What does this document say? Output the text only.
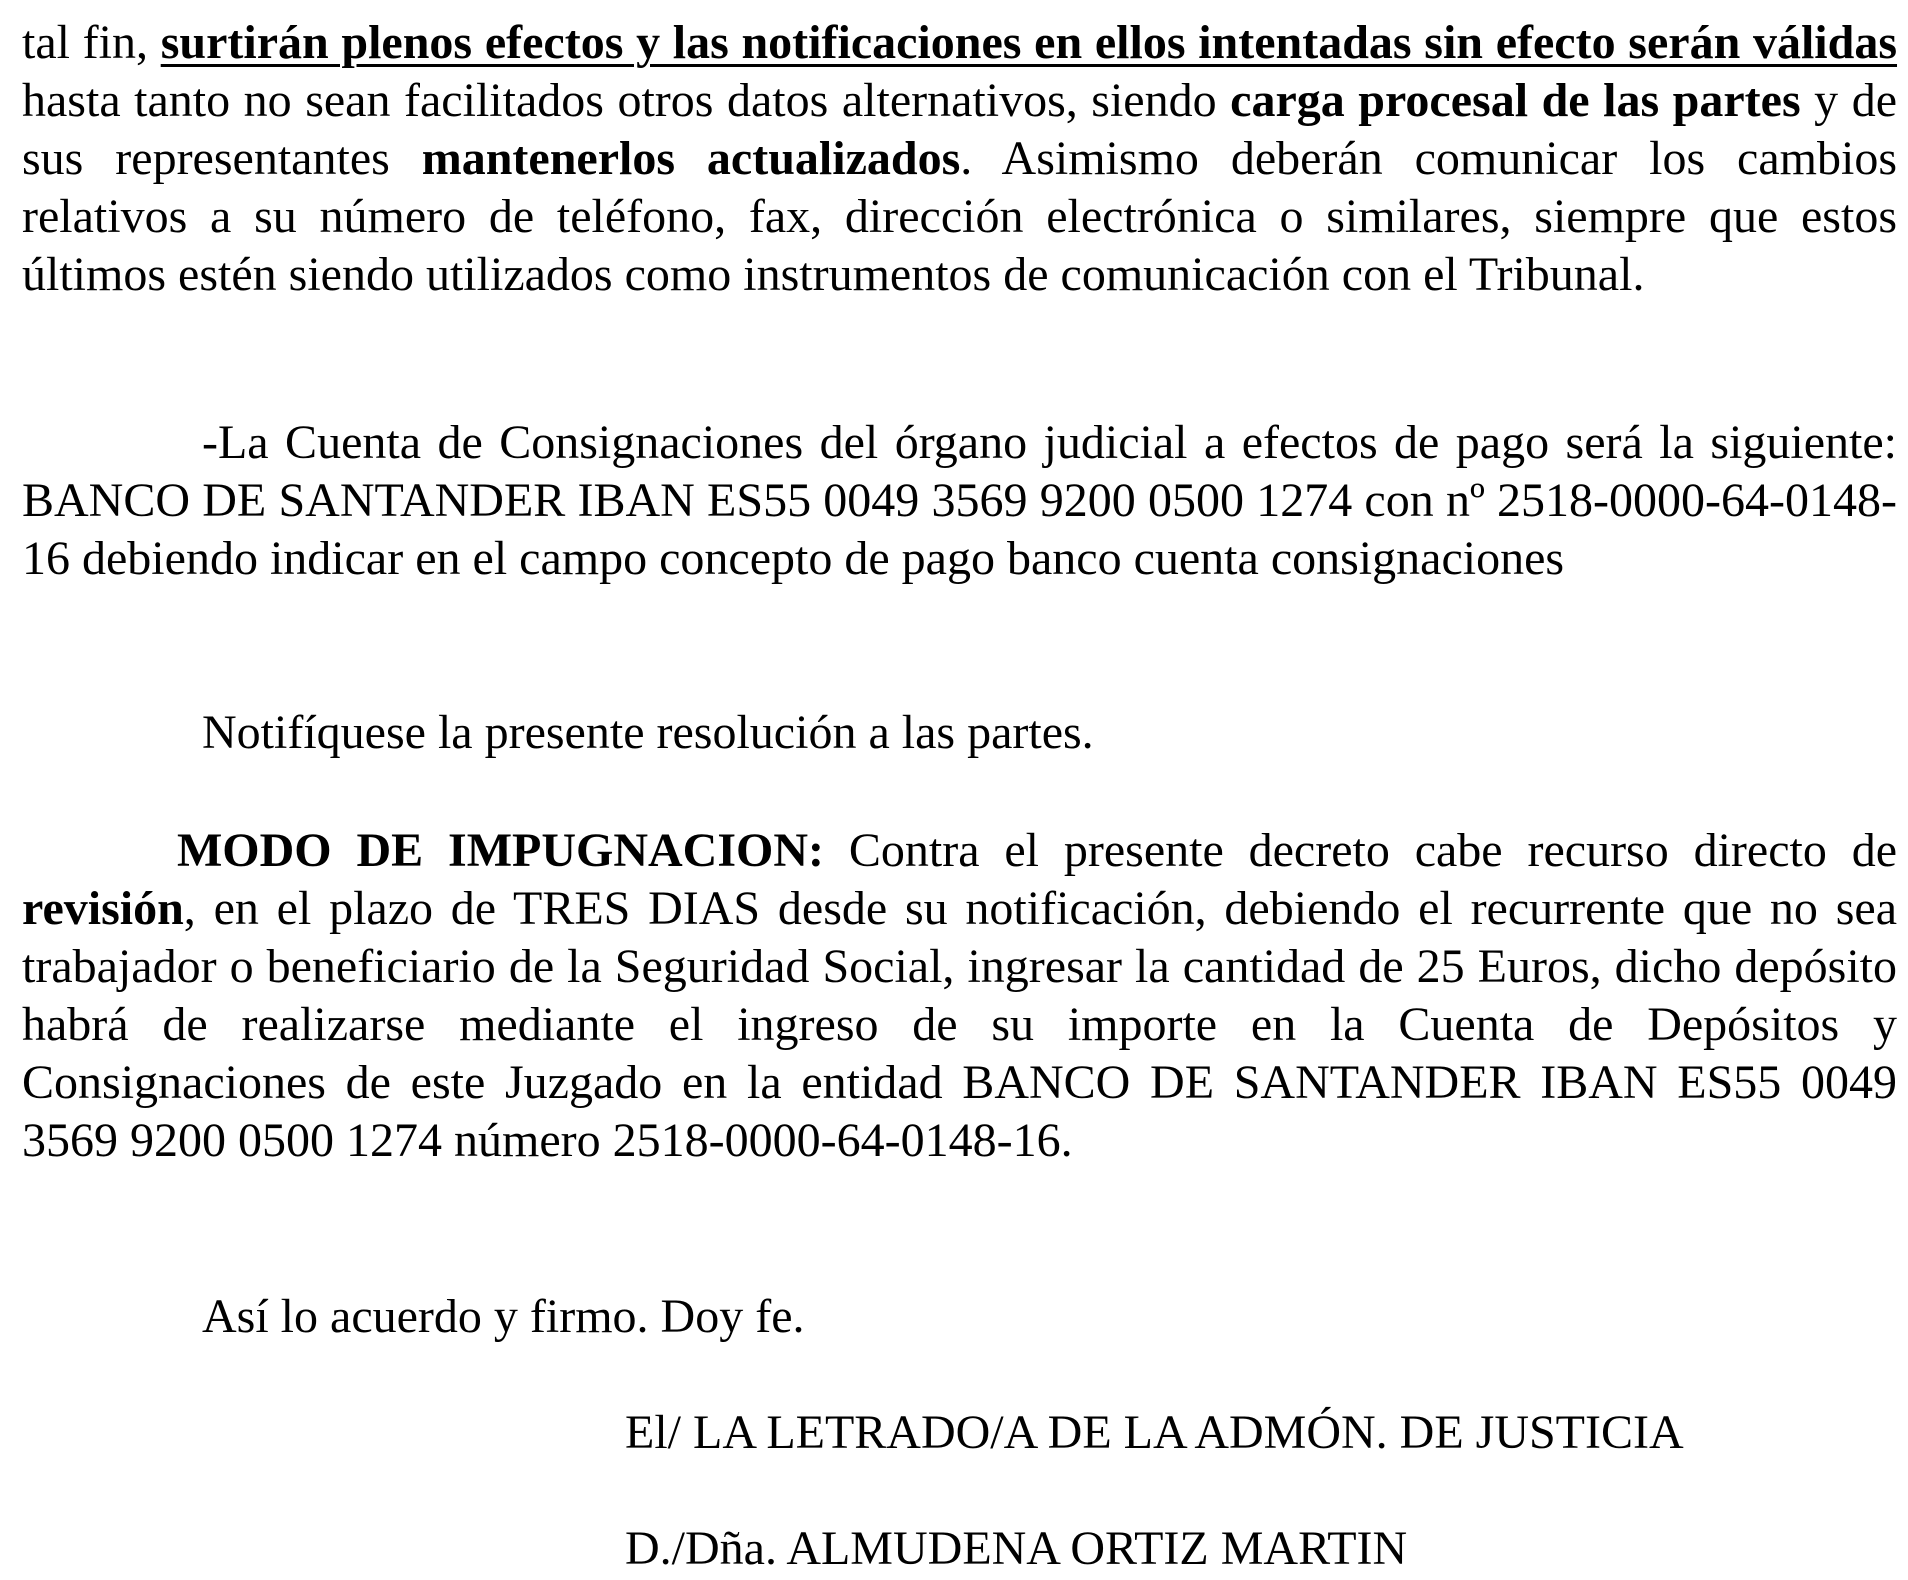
tal fin, surtirán plenos efectos y las notificaciones en ellos intentadas sin efecto serán válidas hasta tanto no sean facilitados otros datos alternativos, siendo carga procesal de las partes y de sus representantes mantenerlos actualizados. Asimismo deberán comunicar los cambios relativos a su número de teléfono, fax, dirección electrónica o similares, siempre que estos últimos estén siendo utilizados como instrumentos de comunicación con el Tribunal.

-La Cuenta de Consignaciones del órgano judicial a efectos de pago será la siguiente: BANCO DE SANTANDER IBAN ES55 0049 3569 9200 0500 1274 con nº 2518-0000-64-0148-16 debiendo indicar en el campo concepto de pago banco cuenta consignaciones

Notifíquese la presente resolución a las partes.

MODO DE IMPUGNACION: Contra el presente decreto cabe recurso directo de revisión, en el plazo de TRES DIAS desde su notificación, debiendo el recurrente que no sea trabajador o beneficiario de la Seguridad Social, ingresar la cantidad de 25 Euros, dicho depósito habrá de realizarse mediante el ingreso de su importe en la Cuenta de Depósitos y Consignaciones de este Juzgado en la entidad BANCO DE SANTANDER IBAN ES55 0049 3569 9200 0500 1274 número 2518-0000-64-0148-16.

Así lo acuerdo y firmo. Doy fe.

El/ LA LETRADO/A DE LA ADMÓN. DE JUSTICIA

D./Dña. ALMUDENA ORTIZ MARTIN
